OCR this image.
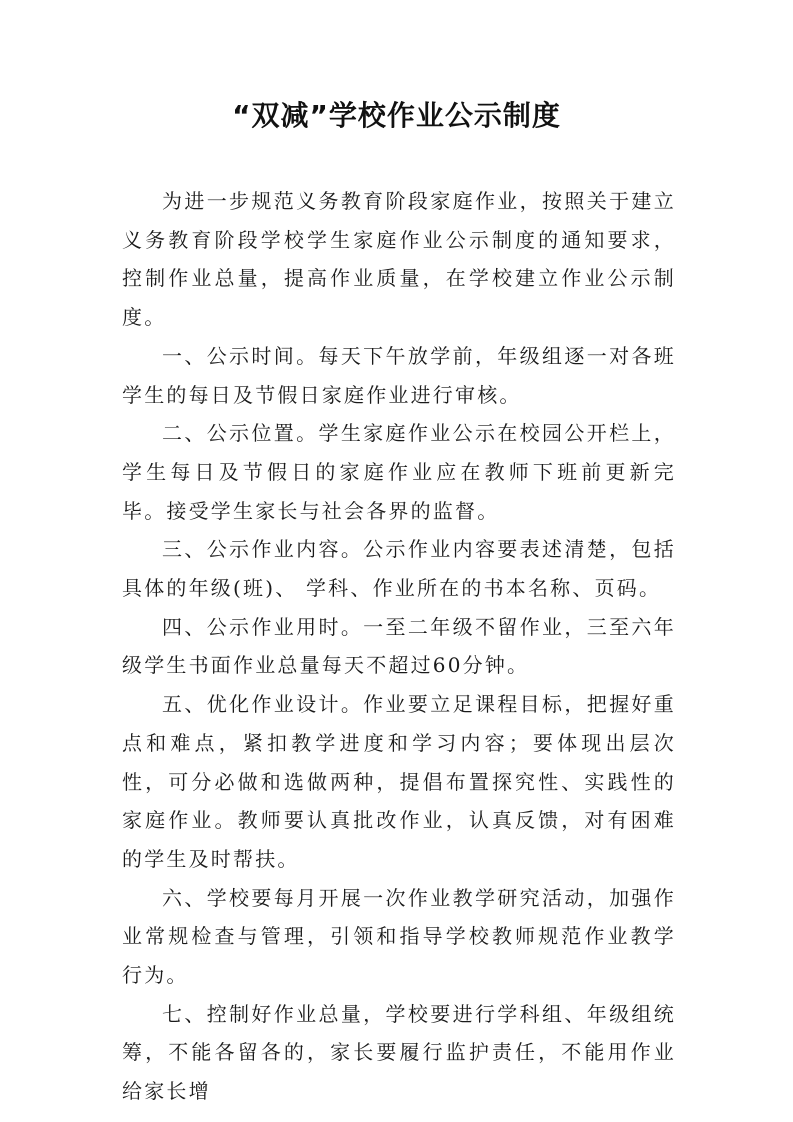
“双减”学校作业公示制度

为进一步规范义务教育阶段家庭作业，按照关于建立义务教育阶段学校学生家庭作业公示制度的通知要求，控制作业总量，提高作业质量，在学校建立作业公示制度。

一、公示时间。每天下午放学前，年级组逐一对各班学生的每日及节假日家庭作业进行审核。

二、公示位置。学生家庭作业公示在校园公开栏上，学生每日及节假日的家庭作业应在教师下班前更新完毕。接受学生家长与社会各界的监督。

三、公示作业内容。公示作业内容要表述清楚，包括具体的年级(班)、 学科、作业所在的书本名称、页码。

四、公示作业用时。一至二年级不留作业，三至六年级学生书面作业总量每天不超过60分钟。

五、优化作业设计。作业要立足课程目标，把握好重点和难点，紧扣教学进度和学习内容；要体现出层次性，可分必做和选做两种，提倡布置探究性、实践性的家庭作业。教师要认真批改作业，认真反馈，对有困难的学生及时帮扶。

六、学校要每月开展一次作业教学研究活动，加强作业常规检查与管理，引领和指导学校教师规范作业教学行为。

七、控制好作业总量，学校要进行学科组、年级组统筹，不能各留各的，家长要履行监护责任，不能用作业给家长增
